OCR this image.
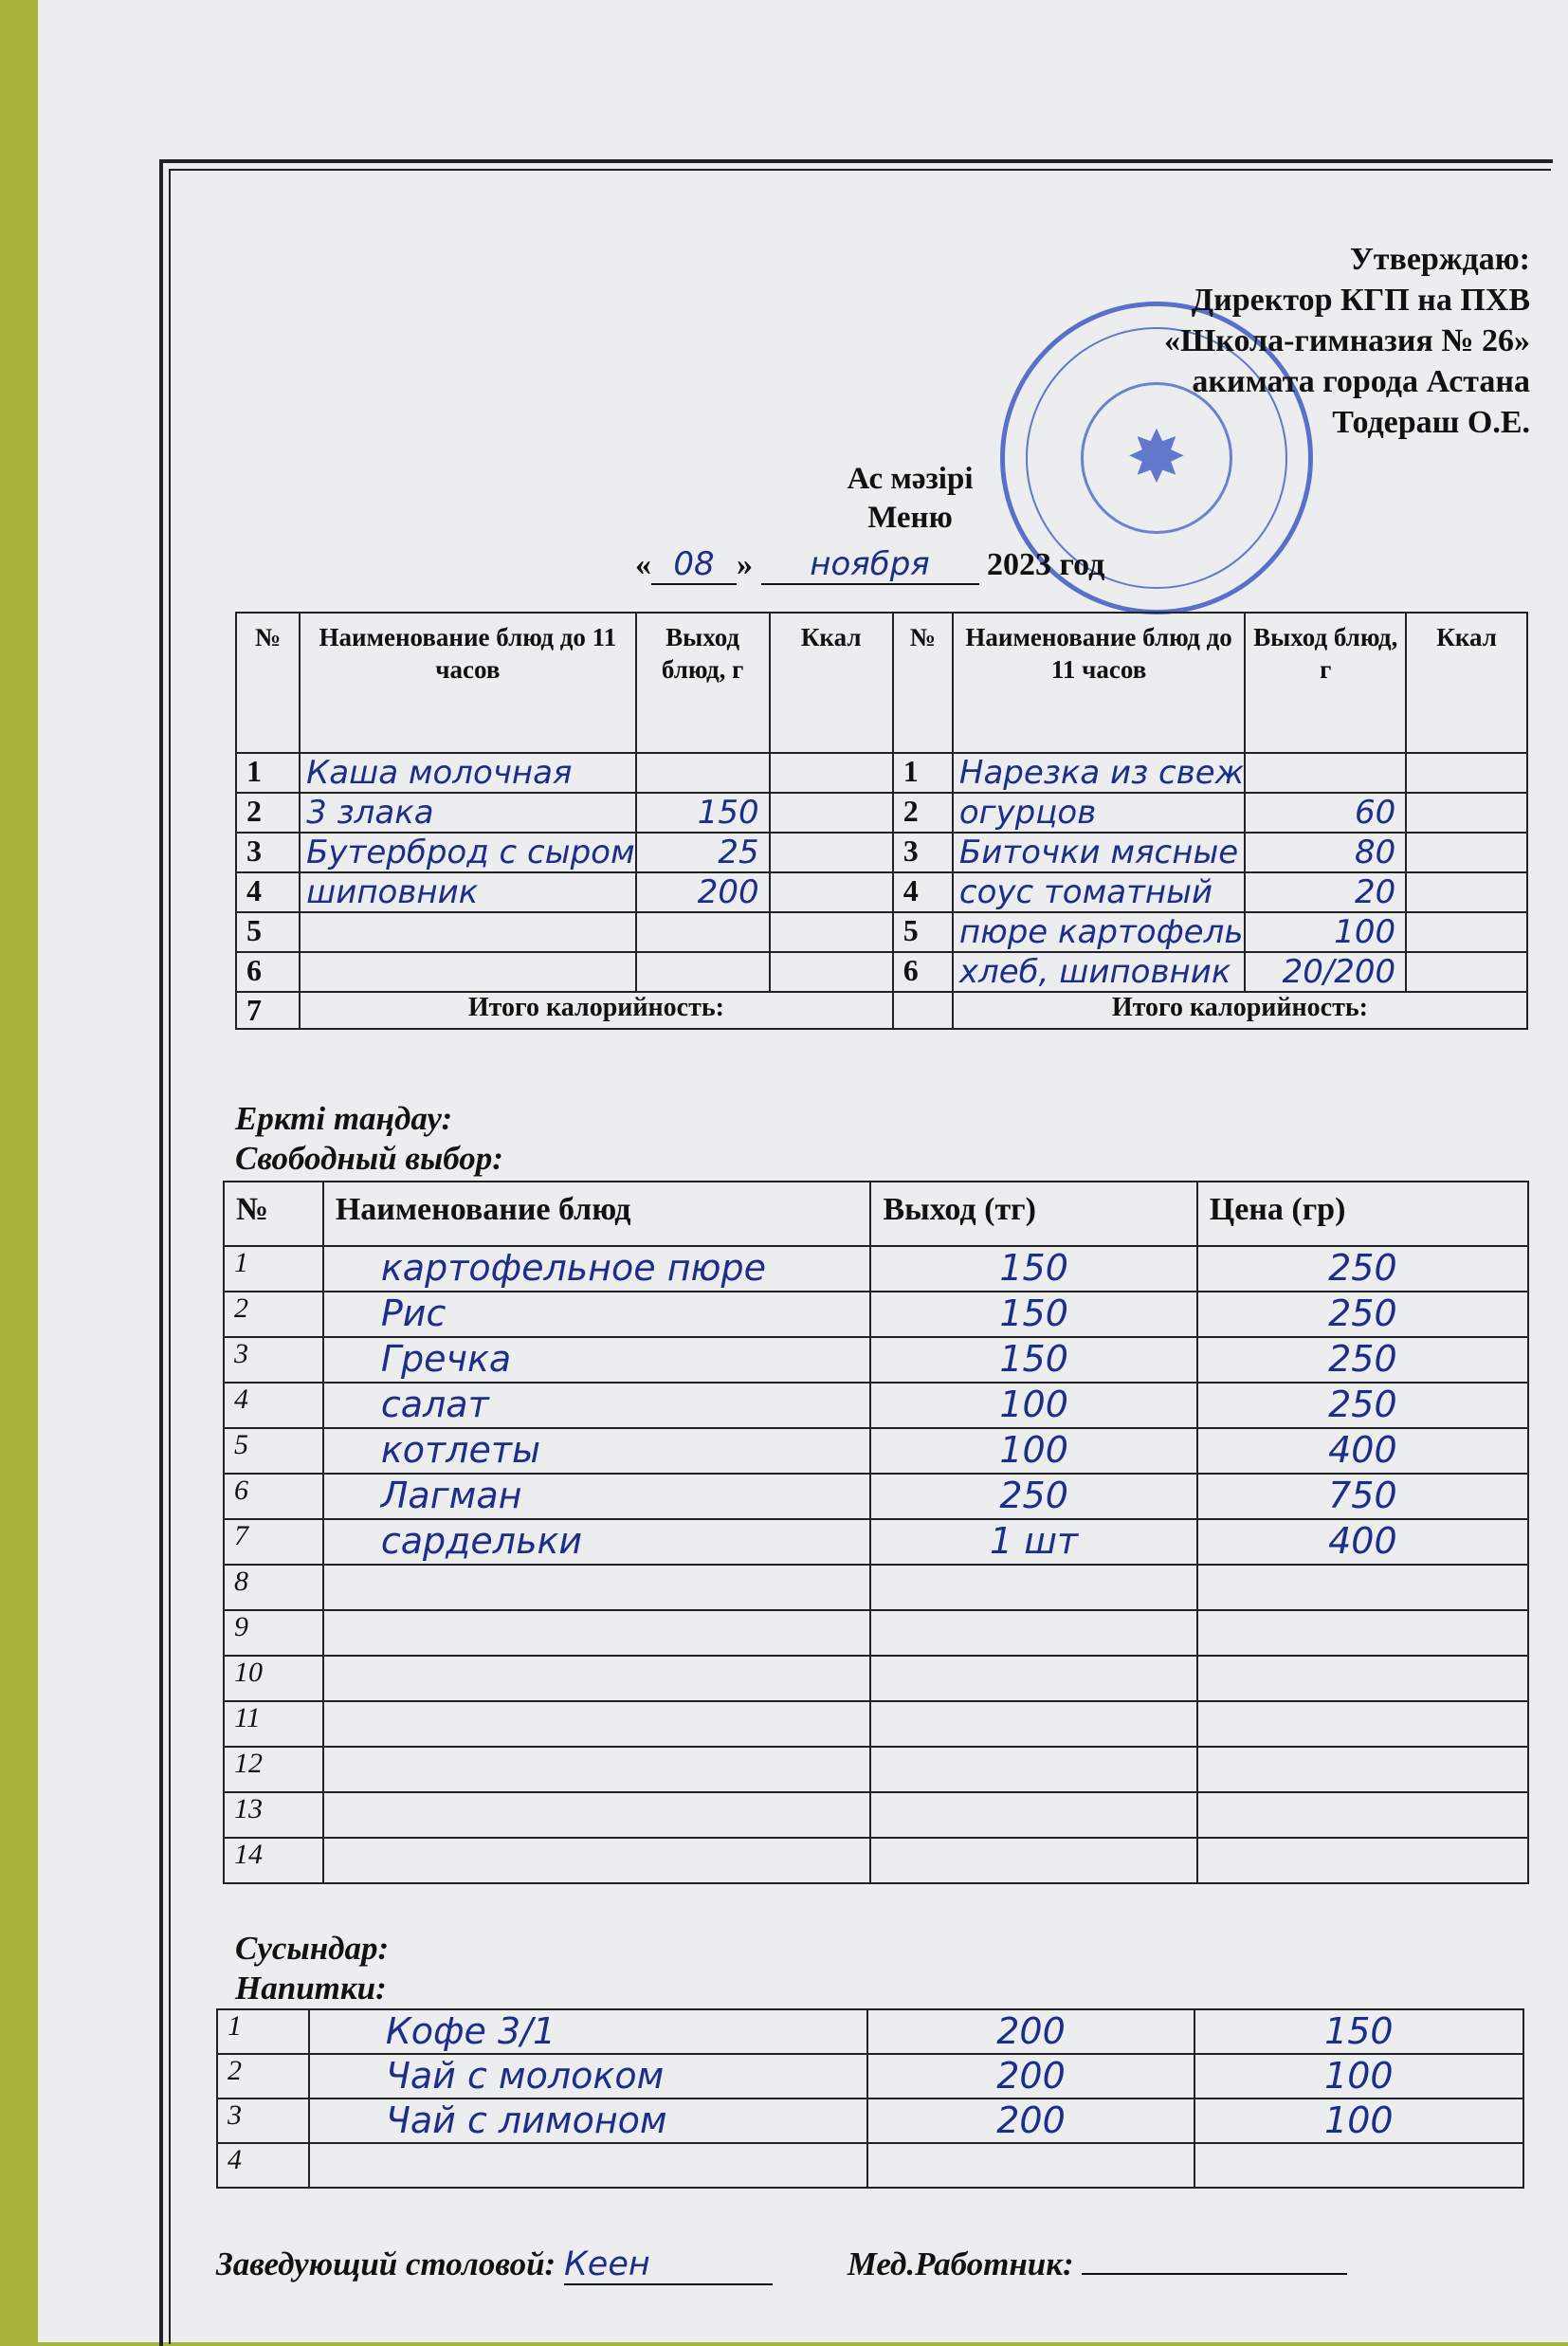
✸
Утверждаю:
Директор КГП на ПХВ
«Школа-гимназия № 26»
акимата города Астана
Тодераш О.Е.
Ас мәзірі
Меню
« 08 » ноября 2023 год
№	Наименование блюд до 11 часов	Выход блюд, г	Ккал	№	Наименование блюд до 11 часов	Выход блюд, г	Ккал
1	Каша молочная			1	Нарезка из свеж		
2	3 злака	150		2	огурцов	60	
3	Бутерброд с сыром	25		3	Биточки мясные	80	
4	шиповник	200		4	соус томатный	20	
5				5	пюре картофель	100	
6				6	хлеб, шиповник	20/200	
7	Итого калорийность:				Итого калорийность:		
Еркті таңдау:
Свободный выбор:
№	Наименование блюд	Выход (тг)	Цена (гр)
1	картофельное пюре	150	250
2	Рис	150	250
3	Гречка	150	250
4	салат	100	250
5	котлеты	100	400
6	Лагман	250	750
7	сардельки	1 шт	400
8			
9			
10			
11			
12			
13			
14			
Сусындар:
Напитки:
1	Кофе 3/1	200	150
2	Чай с молоком	200	100
3	Чай с лимоном	200	100
4			
Заведующий столовой: Кеен	Мед.Работник:
